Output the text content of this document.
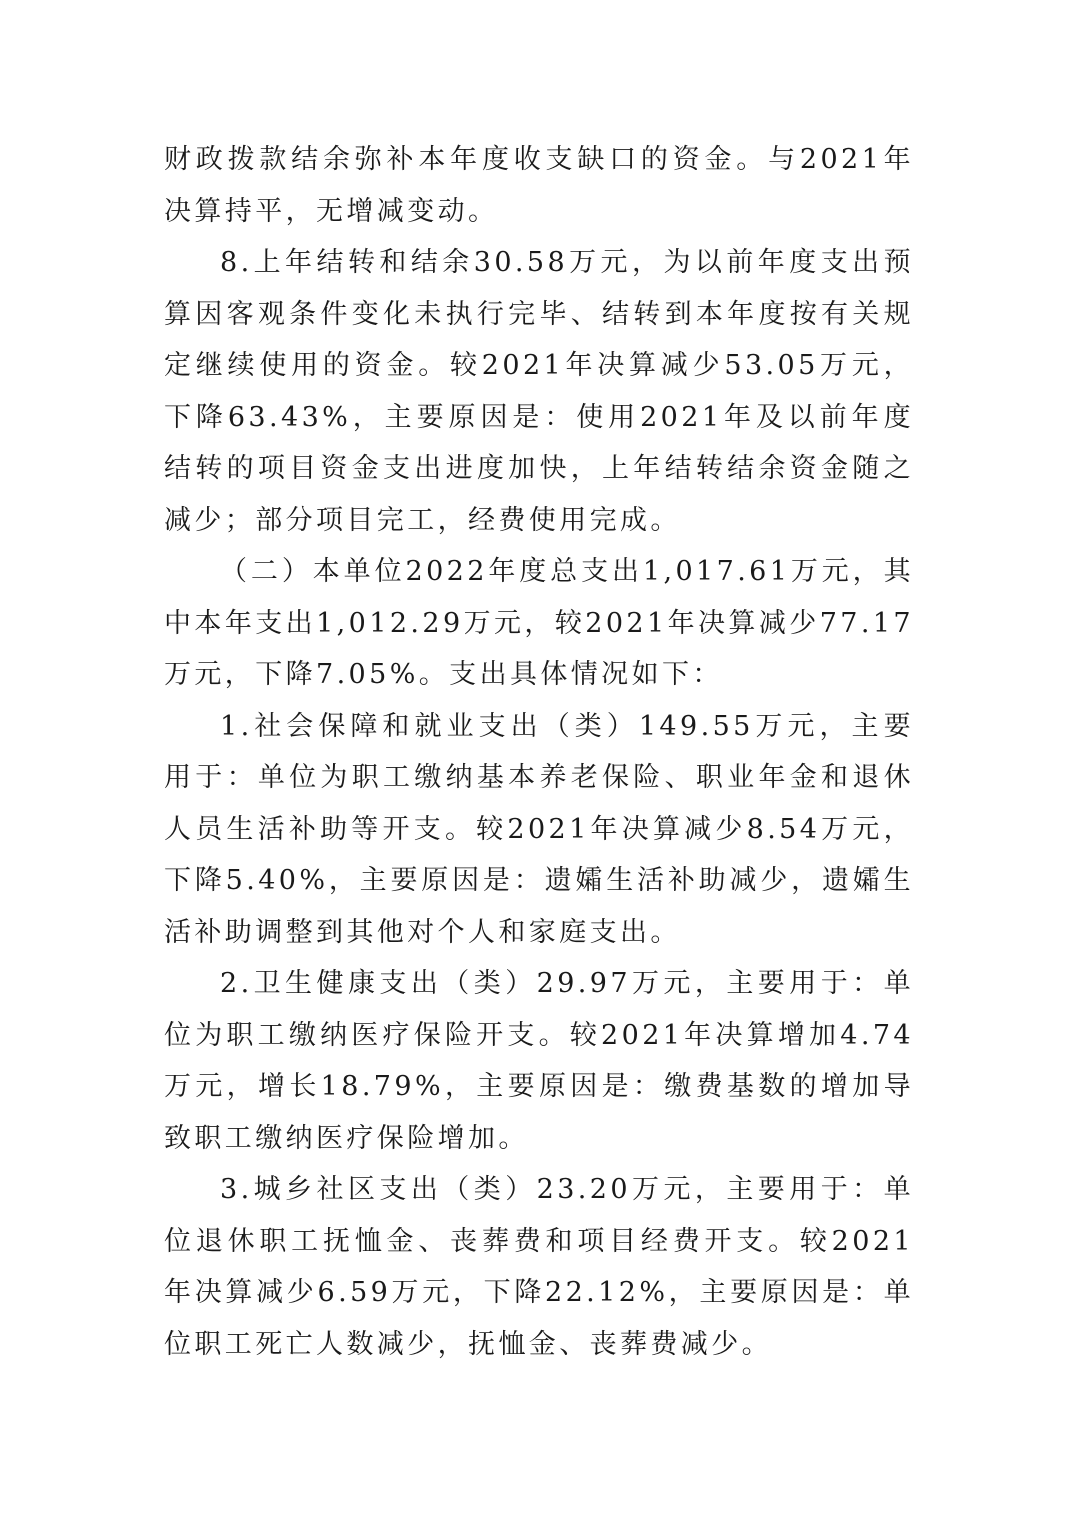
财政拨款结余弥补本年度收支缺口的资金。与2021年决算持平，无增减变动。

8.上年结转和结余30.58万元，为以前年度支出预算因客观条件变化未执行完毕、结转到本年度按有关规定继续使用的资金。较2021年决算减少53.05万元，下降63.43%，主要原因是：使用2021年及以前年度结转的项目资金支出进度加快，上年结转结余资金随之减少；部分项目完工，经费使用完成。

（二）本单位2022年度总支出1,017.61万元，其中本年支出1,012.29万元，较2021年决算减少77.17万元，下降7.05%。支出具体情况如下：

1.社会保障和就业支出（类）149.55万元，主要用于：单位为职工缴纳基本养老保险、职业年金和退休人员生活补助等开支。较2021年决算减少8.54万元，下降5.40%，主要原因是：遗孀生活补助减少，遗孀生活补助调整到其他对个人和家庭支出。

2.卫生健康支出（类）29.97万元，主要用于：单位为职工缴纳医疗保险开支。较2021年决算增加4.74万元，增长18.79%，主要原因是：缴费基数的增加导致职工缴纳医疗保险增加。

3.城乡社区支出（类）23.20万元，主要用于：单位退休职工抚恤金、丧葬费和项目经费开支。较2021年决算减少6.59万元，下降22.12%，主要原因是：单位职工死亡人数减少，抚恤金、丧葬费减少。
